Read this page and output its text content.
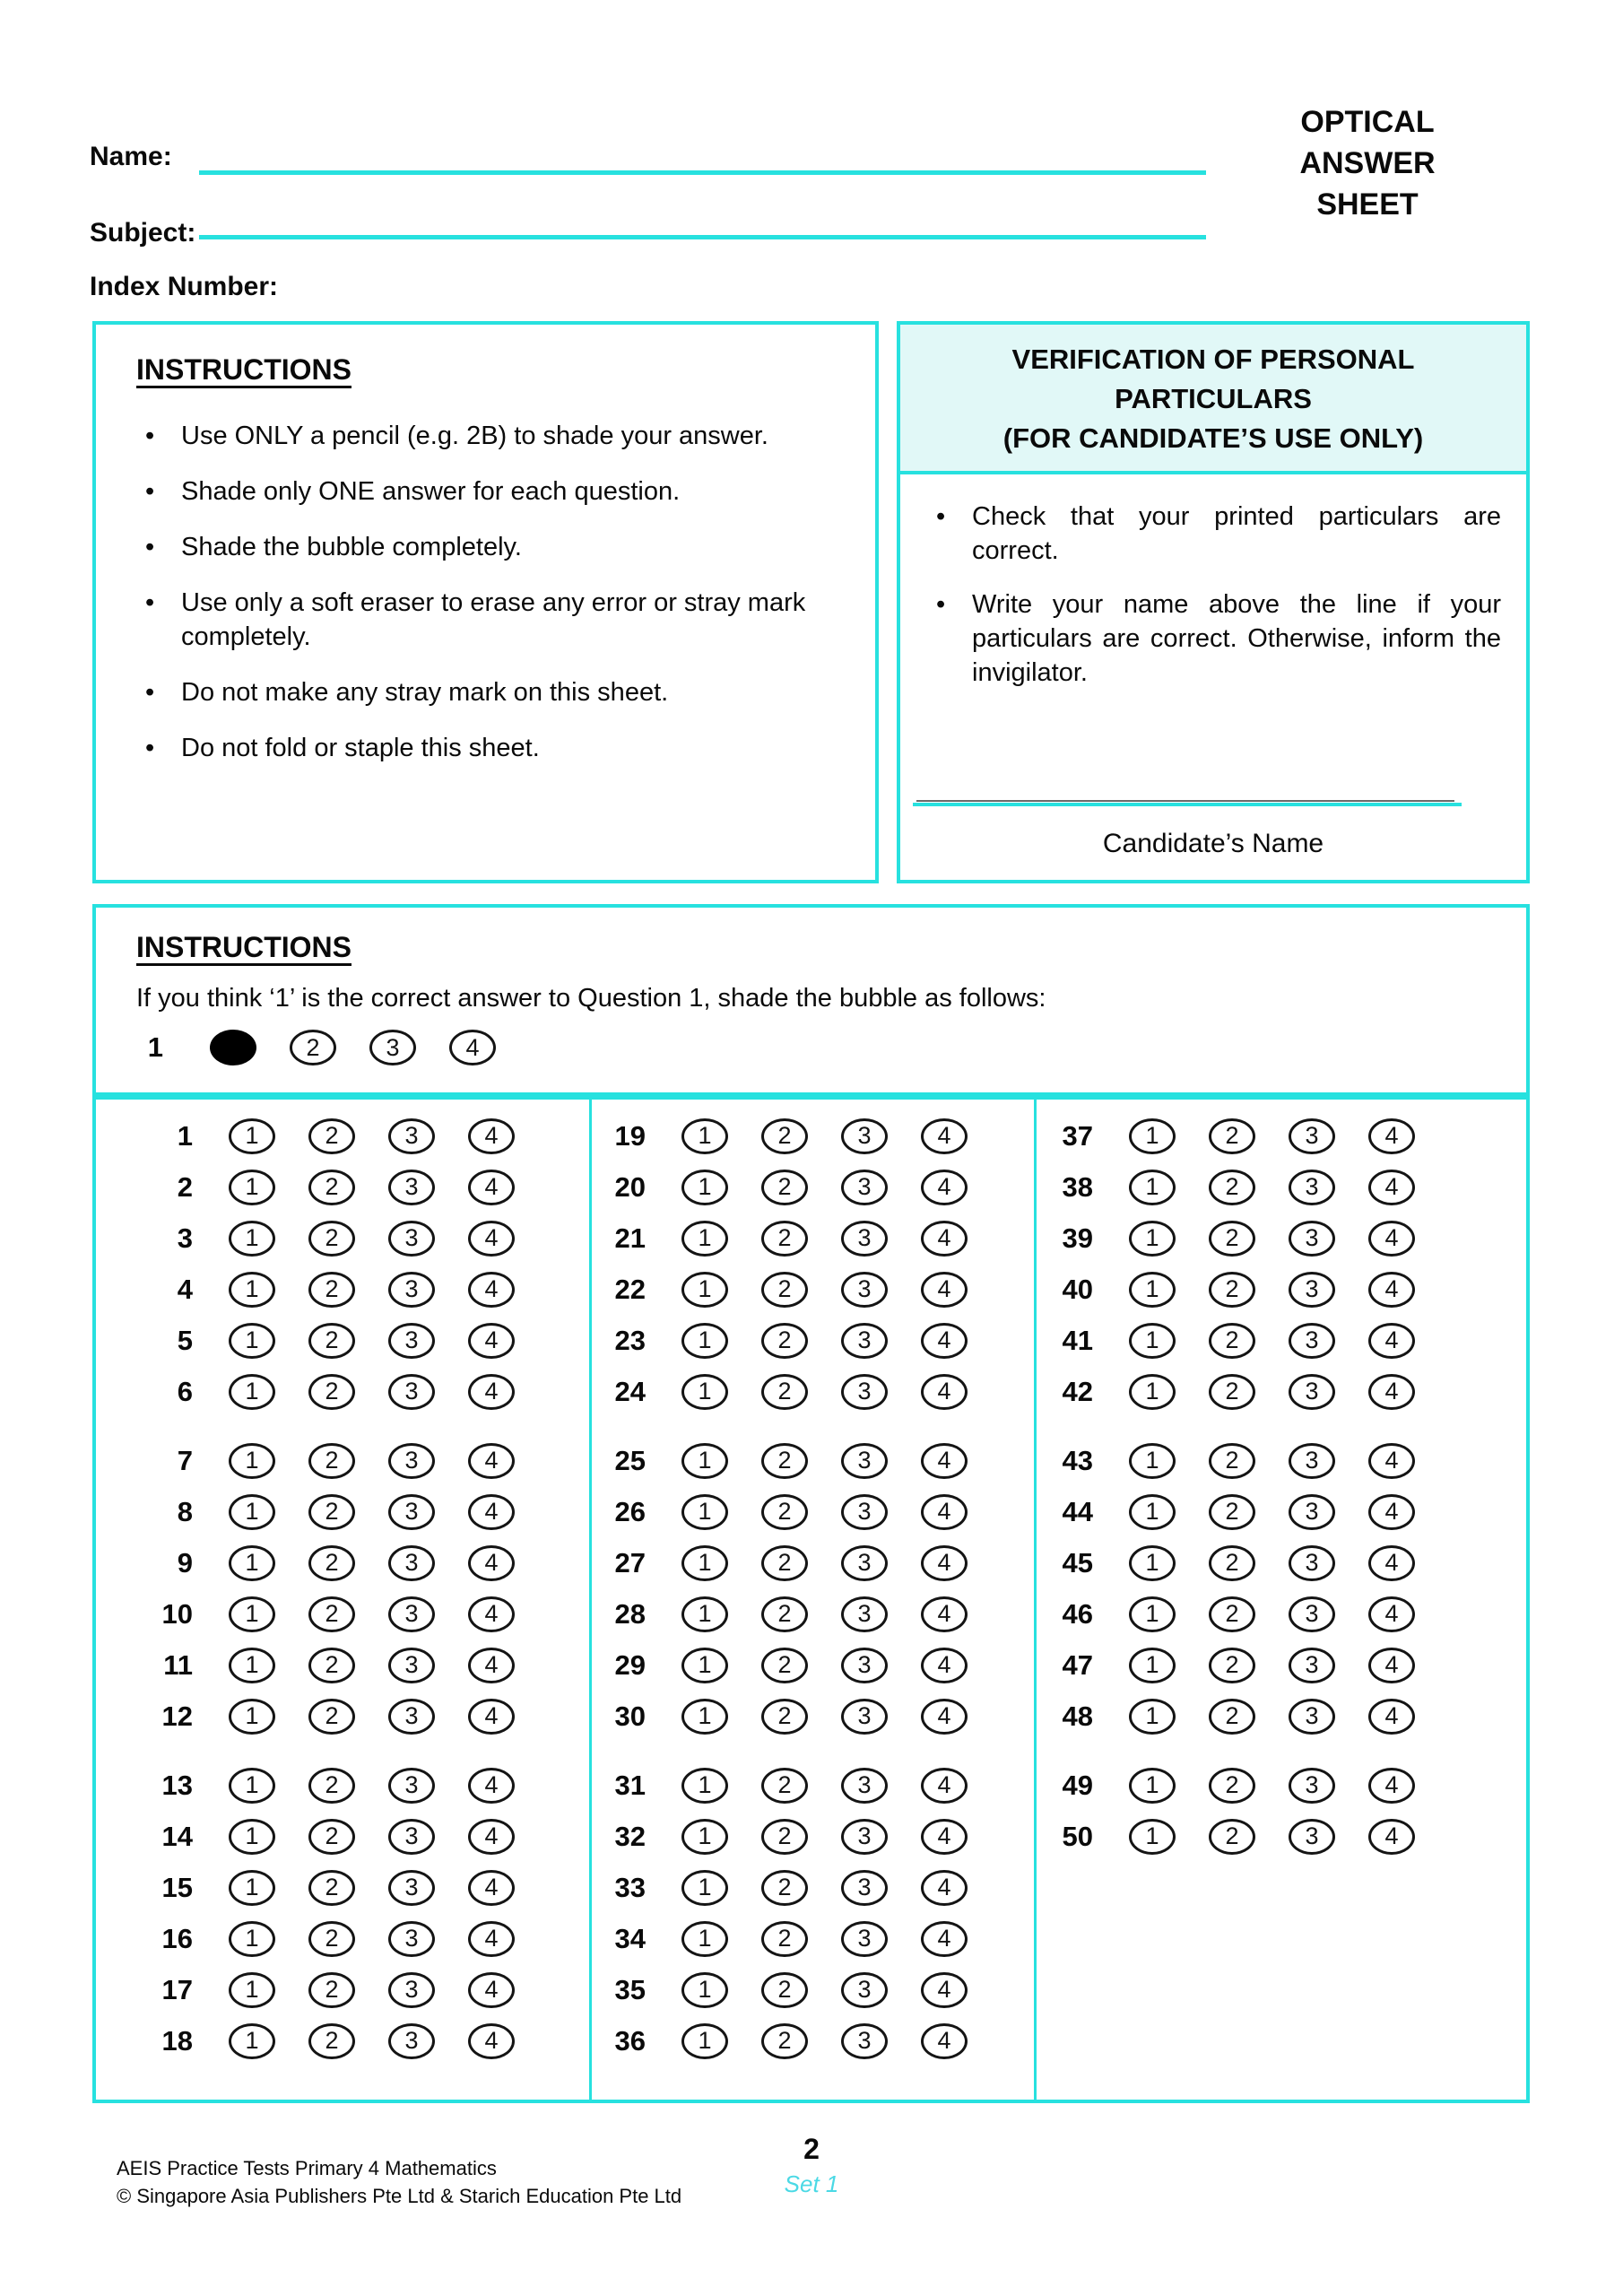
Name:
Subject:
Index Number:
OPTICAL
ANSWER
SHEET
INSTRUCTIONS
• Use ONLY a pencil (e.g. 2B) to shade your answer.
• Shade only ONE answer for each question.
• Shade the bubble completely.
• Use only a soft eraser to erase any error or stray mark completely.
• Do not make any stray mark on this sheet.
• Do not fold or staple this sheet.
VERIFICATION OF PERSONAL
PARTICULARS
(FOR CANDIDATE’S USE ONLY)
• Check that your printed particulars are correct.
• Write your name above the line if your particulars are correct. Otherwise, inform the invigilator.
Candidate’s Name
INSTRUCTIONS
If you think ‘1’ is the correct answer to Question 1, shade the bubble as follows:
1	2	3	4
1	1	2	3	4
2	1	2	3	4
3	1	2	3	4
4	1	2	3	4
5	1	2	3	4
6	1	2	3	4
7	1	2	3	4
8	1	2	3	4
9	1	2	3	4
10	1	2	3	4
11	1	2	3	4
12	1	2	3	4
13	1	2	3	4
14	1	2	3	4
15	1	2	3	4
16	1	2	3	4
17	1	2	3	4
18	1	2	3	4
19	1	2	3	4
20	1	2	3	4
21	1	2	3	4
22	1	2	3	4
23	1	2	3	4
24	1	2	3	4
25	1	2	3	4
26	1	2	3	4
27	1	2	3	4
28	1	2	3	4
29	1	2	3	4
30	1	2	3	4
31	1	2	3	4
32	1	2	3	4
33	1	2	3	4
34	1	2	3	4
35	1	2	3	4
36	1	2	3	4
37	1	2	3	4
38	1	2	3	4
39	1	2	3	4
40	1	2	3	4
41	1	2	3	4
42	1	2	3	4
43	1	2	3	4
44	1	2	3	4
45	1	2	3	4
46	1	2	3	4
47	1	2	3	4
48	1	2	3	4
49	1	2	3	4
50	1	2	3	4
AEIS Practice Tests Primary 4 Mathematics
© Singapore Asia Publishers Pte Ltd & Starich Education Pte Ltd
2
Set 1
